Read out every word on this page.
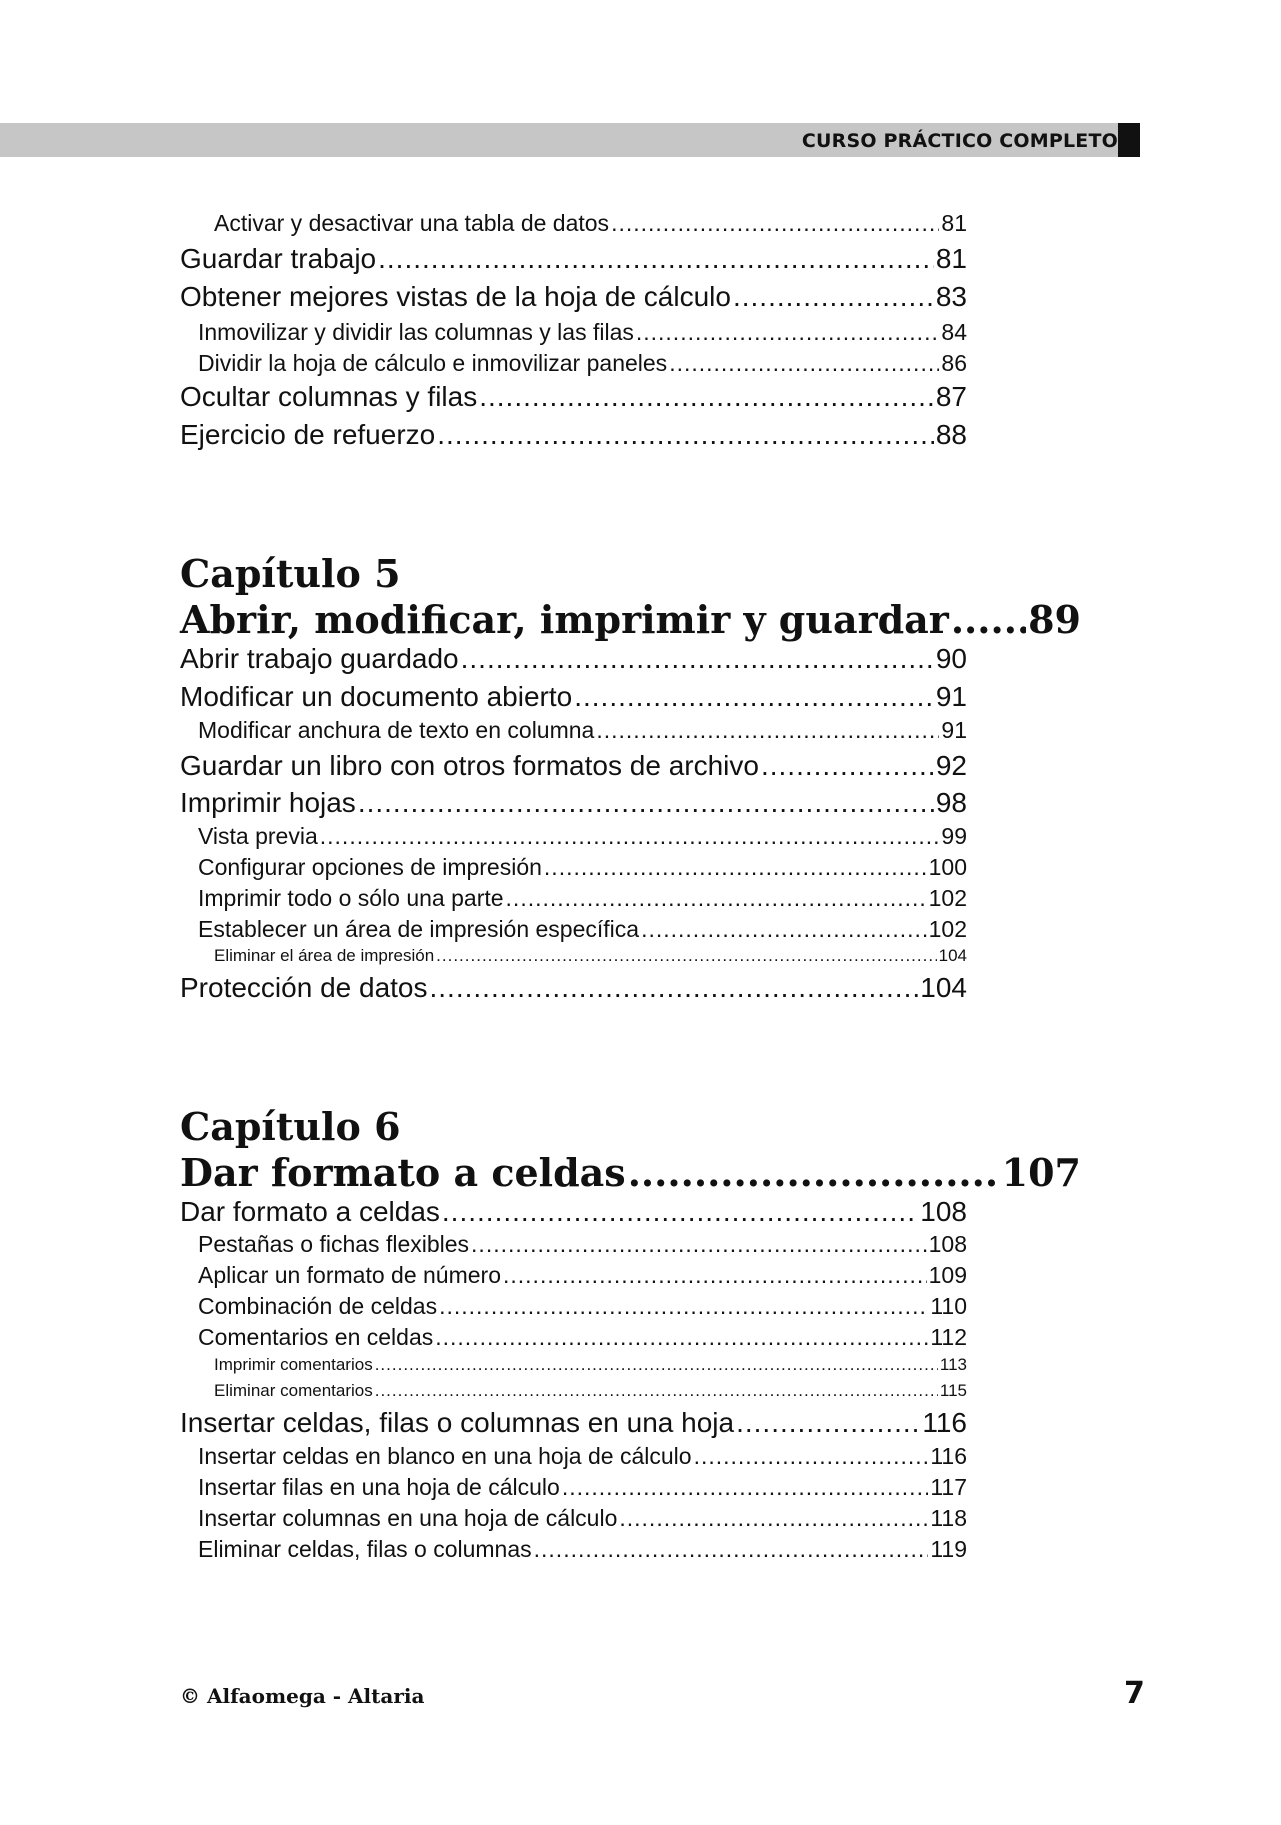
CURSO PRÁCTICO COMPLETO
Activar y desactivar una tabla de datos .....	81
Guardar trabajo .....	81
Obtener mejores vistas de la hoja de cálculo .....	83
Inmovilizar y dividir las columnas y las filas .....	84
Dividir la hoja de cálculo e inmovilizar paneles .....	86
Ocultar columnas y filas .....	87
Ejercicio de refuerzo .....	88
Capítulo 5
Abrir, modificar, imprimir y guardar ..... 89
Abrir trabajo guardado .....	90
Modificar un documento abierto .....	91
Modificar anchura de texto en columna .....	91
Guardar un libro con otros formatos de archivo .....	92
Imprimir hojas .....	98
Vista previa .....	99
Configurar opciones de impresión .....	100
Imprimir todo o sólo una parte .....	102
Establecer un área de impresión específica .....	102
Eliminar el área de impresión .....	104
Protección de datos .....	104
Capítulo 6
Dar formato a celdas .....	107
Dar formato a celdas .....	108
Pestañas o fichas flexibles .....	108
Aplicar un formato de número .....	109
Combinación de celdas .....	110
Comentarios en celdas .....	112
Imprimir comentarios .....	113
Eliminar comentarios .....	115
Insertar celdas, filas o columnas en una hoja .....	116
Insertar celdas en blanco en una hoja de cálculo .....	116
Insertar filas en una hoja de cálculo .....	117
Insertar columnas en una hoja de cálculo .....	118
Eliminar celdas, filas o columnas .....	119
© Alfaomega - Altaria	7
